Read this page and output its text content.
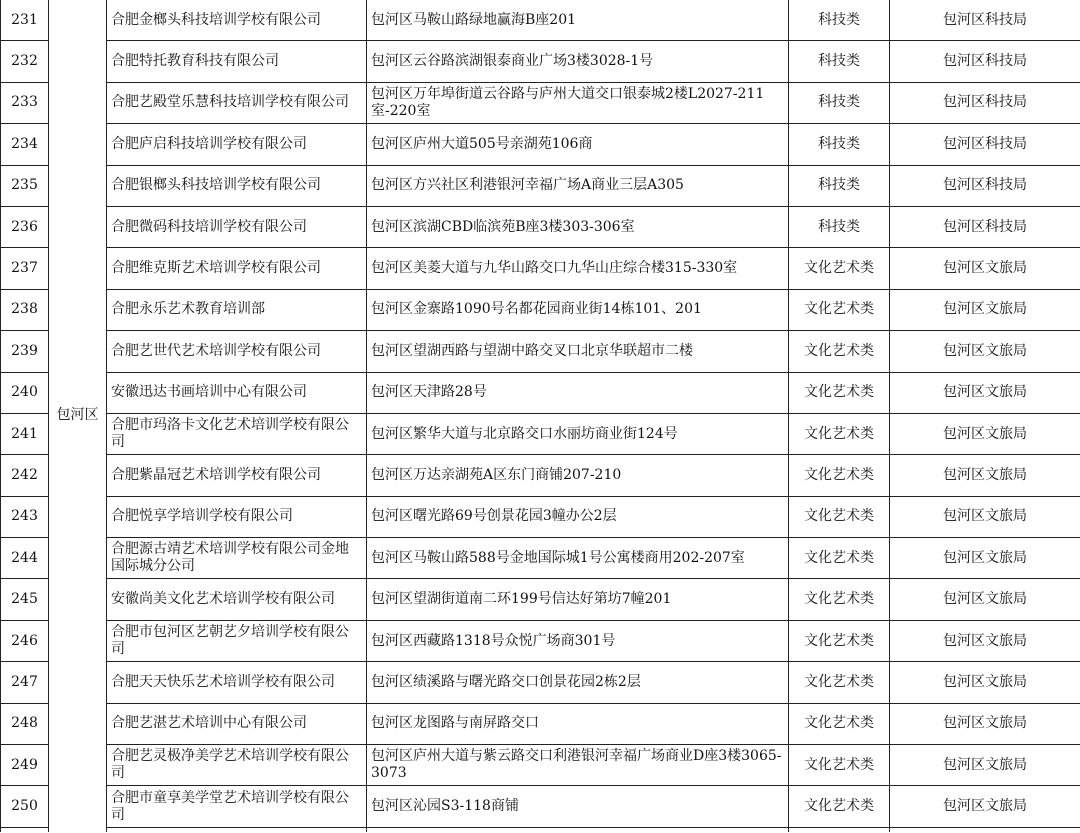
231	包河区	合肥金榔头科技培训学校有限公司	包河区马鞍山路绿地赢海B座201	科技类	包河区科技局
232		合肥特托教育科技有限公司	包河区云谷路滨湖银泰商业广场3楼3028-1号	科技类	包河区科技局
233		合肥艺殿堂乐慧科技培训学校有限公司	包河区万年埠街道云谷路与庐州大道交口银泰城2楼L2027-211室-220室	科技类	包河区科技局
234		合肥庐启科技培训学校有限公司	包河区庐州大道505号亲湖苑106商	科技类	包河区科技局
235		合肥银榔头科技培训学校有限公司	包河区方兴社区利港银河幸福广场A商业三层A305	科技类	包河区科技局
236		合肥微码科技培训学校有限公司	包河区滨湖CBD临滨苑B座3楼303-306室	科技类	包河区科技局
237		合肥维克斯艺术培训学校有限公司	包河区美菱大道与九华山路交口九华山庄综合楼315-330室	文化艺术类	包河区文旅局
238		合肥永乐艺术教育培训部	包河区金寨路1090号名都花园商业街14栋101、201	文化艺术类	包河区文旅局
239		合肥艺世代艺术培训学校有限公司	包河区望湖西路与望湖中路交叉口北京华联超市二楼	文化艺术类	包河区文旅局
240		安徽迅达书画培训中心有限公司	包河区天津路28号	文化艺术类	包河区文旅局
241		合肥市玛洛卡文化艺术培训学校有限公司	包河区繁华大道与北京路交口水丽坊商业街124号	文化艺术类	包河区文旅局
242		合肥紫晶冠艺术培训学校有限公司	包河区万达亲湖苑A区东门商铺207-210	文化艺术类	包河区文旅局
243		合肥悦享学培训学校有限公司	包河区曙光路69号创景花园3幢办公2层	文化艺术类	包河区文旅局
244		合肥源古靖艺术培训学校有限公司金地国际城分公司	包河区马鞍山路588号金地国际城1号公寓楼商用202-207室	文化艺术类	包河区文旅局
245		安徽尚美文化艺术培训学校有限公司	包河区望湖街道南二环199号信达好第坊7幢201	文化艺术类	包河区文旅局
246		合肥市包河区艺朝艺夕培训学校有限公司	包河区西藏路1318号众悦广场商301号	文化艺术类	包河区文旅局
247		合肥天天快乐艺术培训学校有限公司	包河区绩溪路与曙光路交口创景花园2栋2层	文化艺术类	包河区文旅局
248		合肥艺湛艺术培训中心有限公司	包河区龙图路与南屏路交口	文化艺术类	包河区文旅局
249		合肥艺灵极净美学艺术培训学校有限公司	包河区庐州大道与紫云路交口利港银河幸福广场商业D座3楼3065-3073	文化艺术类	包河区文旅局
250		合肥市童享美学堂艺术培训学校有限公司	包河区沁园S3-118商铺	文化艺术类	包河区文旅局
